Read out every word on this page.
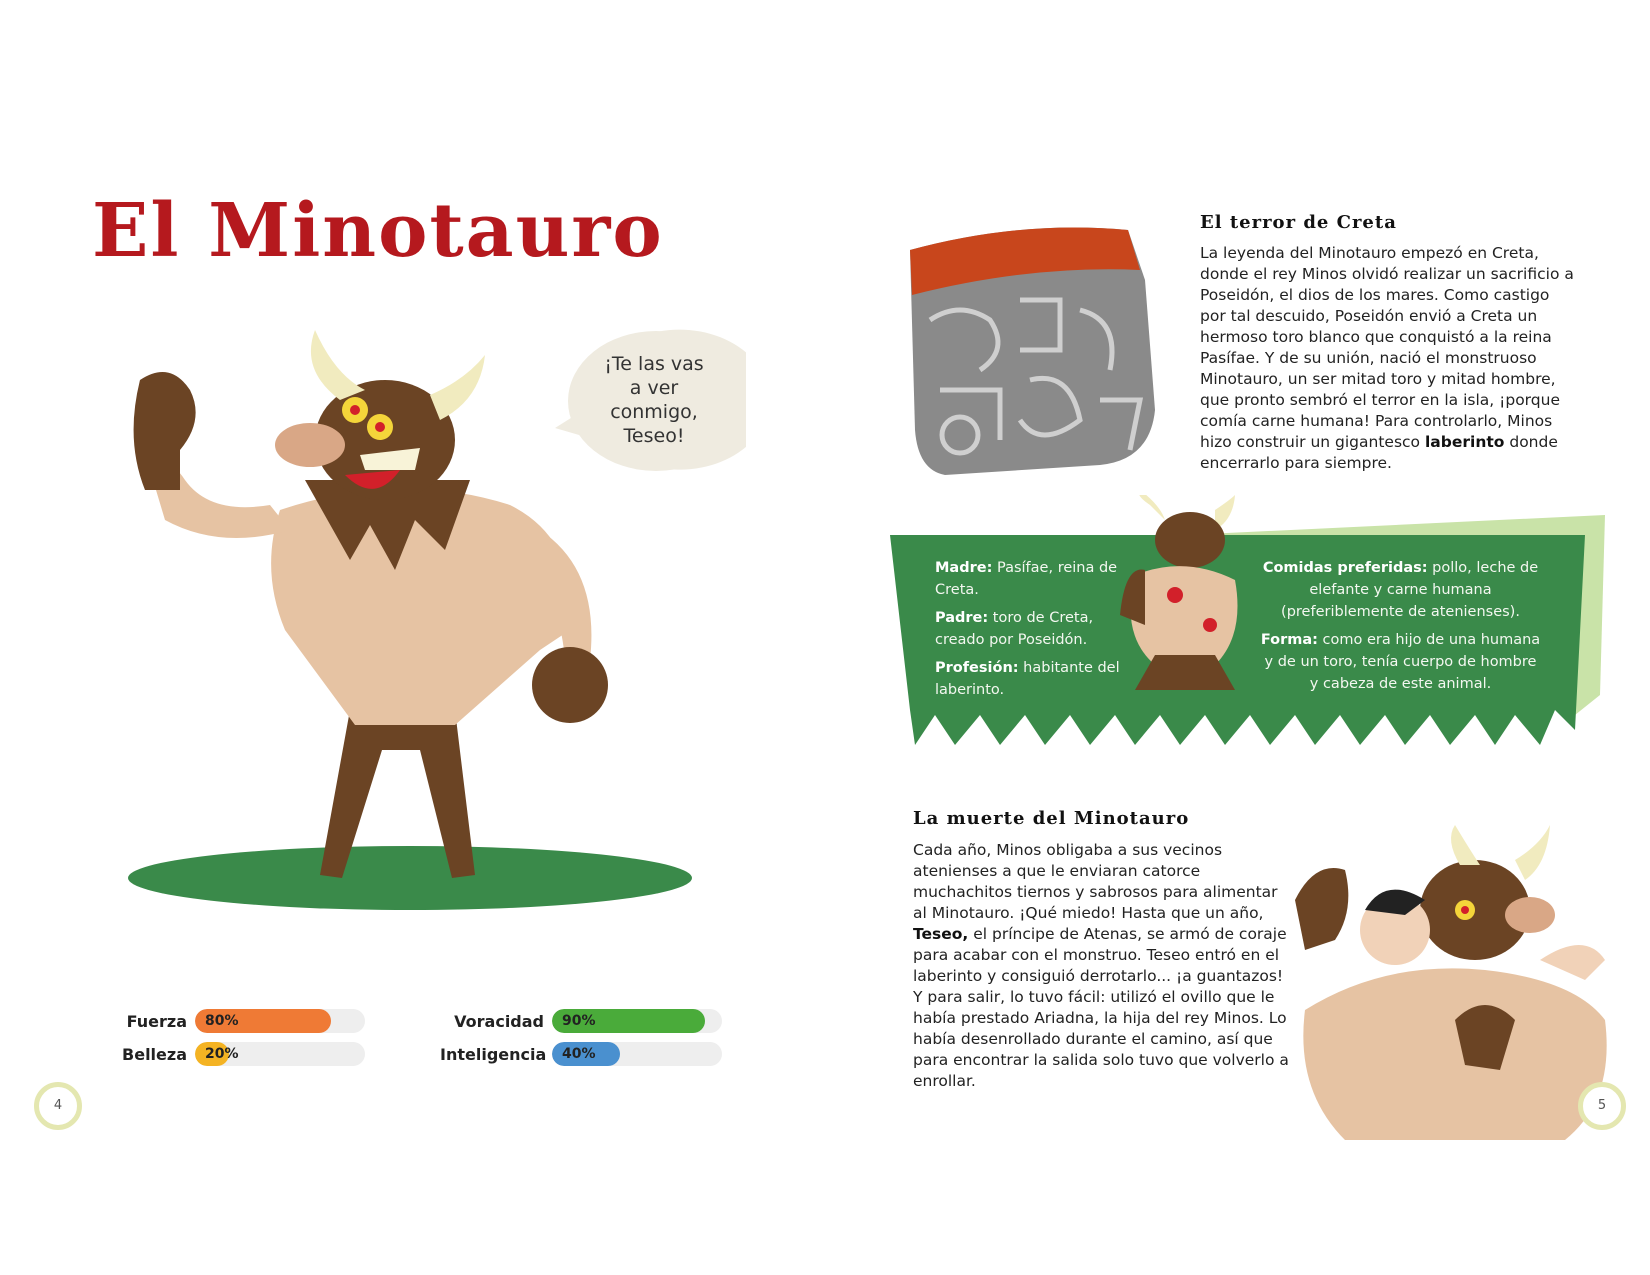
El Minotauro
¡Te las vas a ver conmigo, Teseo!
Fuerza	80%
Belleza	20%
Voracidad	90%
Inteligencia	40%
4
El terror de Creta
La leyenda del Minotauro empezó en Creta, donde el rey Minos olvidó realizar un sacrificio a Poseidón, el dios de los mares. Como castigo por tal descuido, Poseidón envió a Creta un hermoso toro blanco que conquistó a la reina Pasífae. Y de su unión, nació el monstruoso Minotauro, un ser mitad toro y mitad hombre, que pronto sembró el terror en la isla, ¡porque comía carne humana! Para controlarlo, Minos hizo construir un gigantesco laberinto donde encerrarlo para siempre.
Madre: Pasífae, reina de Creta.
Padre: toro de Creta, creado por Poseidón.
Profesión: habitante del laberinto.
Comidas preferidas: pollo, leche de elefante y carne humana (preferiblemente de atenienses).
Forma: como era hijo de una humana y de un toro, tenía cuerpo de hombre y cabeza de este animal.
La muerte del Minotauro
Cada año, Minos obligaba a sus vecinos atenienses a que le enviaran catorce muchachitos tiernos y sabrosos para alimentar al Minotauro. ¡Qué miedo! Hasta que un año, Teseo, el príncipe de Atenas, se armó de coraje para acabar con el monstruo. Teseo entró en el laberinto y consiguió derrotarlo... ¡a guantazos! Y para salir, lo tuvo fácil: utilizó el ovillo que le había prestado Ariadna, la hija del rey Minos. Lo había desenrollado durante el camino, así que para encontrar la salida solo tuvo que volverlo a enrollar.
5
